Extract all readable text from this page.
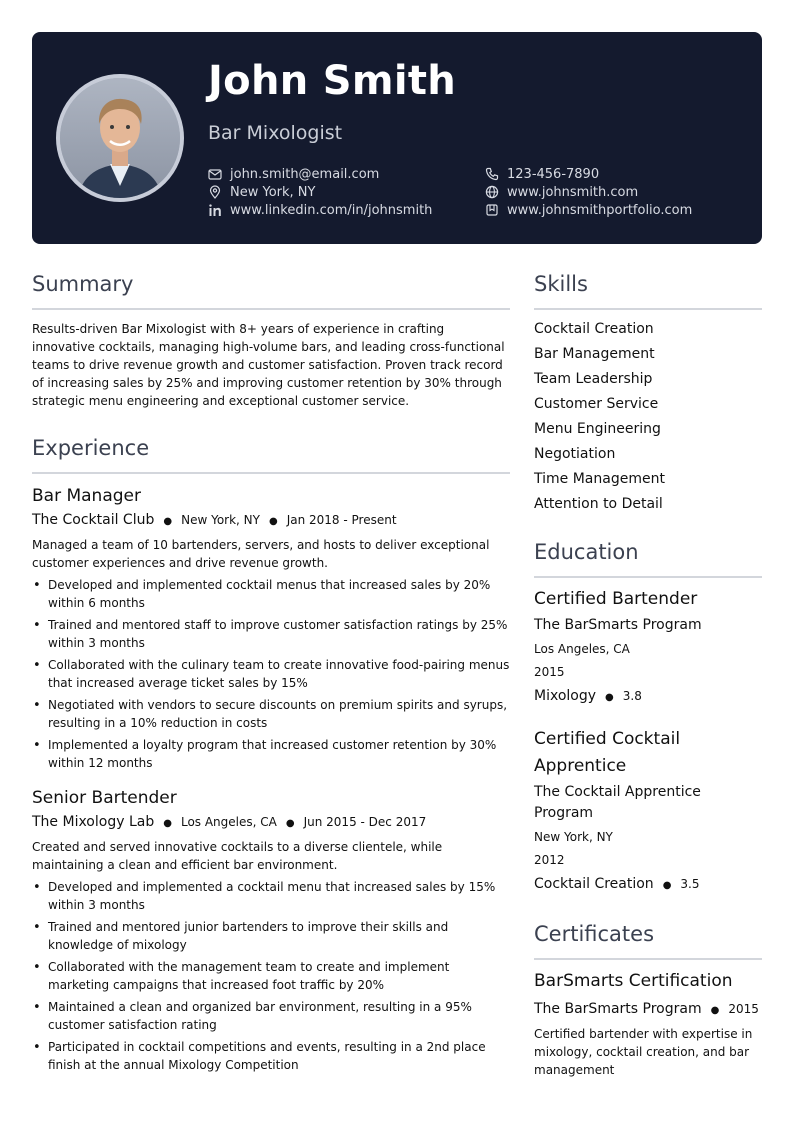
John Smith
Bar Mixologist
john.smith@email.com
New York, NY
www.linkedin.com/in/johnsmith
123-456-7890
www.johnsmith.com
www.johnsmithportfolio.com
Summary
Results-driven Bar Mixologist with 8+ years of experience in crafting innovative cocktails, managing high-volume bars, and leading cross-functional teams to drive revenue growth and customer satisfaction. Proven track record of increasing sales by 25% and improving customer retention by 30% through strategic menu engineering and exceptional customer service.
Experience
Bar Manager
The Cocktail Club ● New York, NY ● Jan 2018 - Present
Managed a team of 10 bartenders, servers, and hosts to deliver exceptional customer experiences and drive revenue growth.
• Developed and implemented cocktail menus that increased sales by 20% within 6 months
• Trained and mentored staff to improve customer satisfaction ratings by 25% within 3 months
• Collaborated with the culinary team to create innovative food-pairing menus that increased average ticket sales by 15%
• Negotiated with vendors to secure discounts on premium spirits and syrups, resulting in a 10% reduction in costs
• Implemented a loyalty program that increased customer retention by 30% within 12 months
Senior Bartender
The Mixology Lab ● Los Angeles, CA ● Jun 2015 - Dec 2017
Created and served innovative cocktails to a diverse clientele, while maintaining a clean and efficient bar environment.
• Developed and implemented a cocktail menu that increased sales by 15% within 3 months
• Trained and mentored junior bartenders to improve their skills and knowledge of mixology
• Collaborated with the management team to create and implement marketing campaigns that increased foot traffic by 20%
• Maintained a clean and organized bar environment, resulting in a 95% customer satisfaction rating
• Participated in cocktail competitions and events, resulting in a 2nd place finish at the annual Mixology Competition
Skills
Cocktail Creation
Bar Management
Team Leadership
Customer Service
Menu Engineering
Negotiation
Time Management
Attention to Detail
Education
Certified Bartender
The BarSmarts Program
Los Angeles, CA
2015
Mixology ● 3.8
Certified Cocktail Apprentice
The Cocktail Apprentice Program
New York, NY
2012
Cocktail Creation ● 3.5
Certificates
BarSmarts Certification
The BarSmarts Program ● 2015
Certified bartender with expertise in mixology, cocktail creation, and bar management
